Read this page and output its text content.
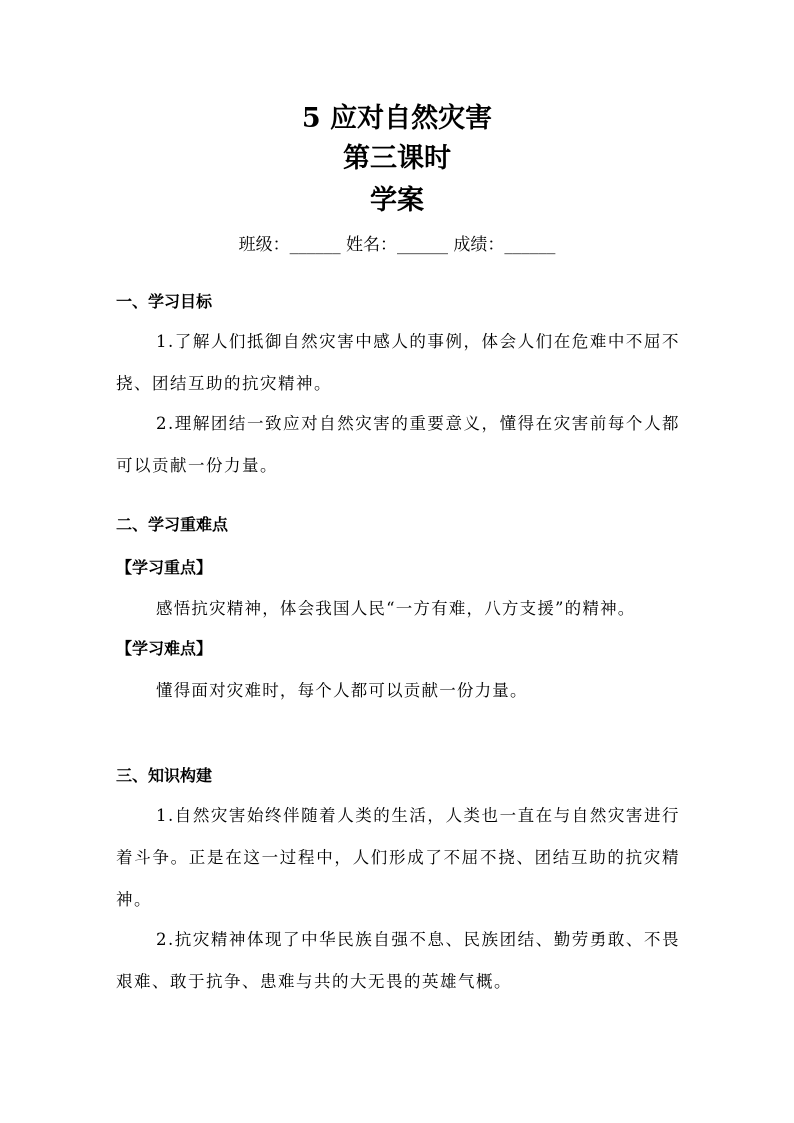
5 应对自然灾害
第三课时
学案
班级：______ 姓名：______ 成绩：______
一、学习目标
1.了解人们抵御自然灾害中感人的事例，体会人们在危难中不屈不挠、团结互助的抗灾精神。
2.理解团结一致应对自然灾害的重要意义，懂得在灾害前每个人都可以贡献一份力量。
二、学习重难点
【学习重点】
感悟抗灾精神，体会我国人民“一方有难，八方支援”的精神。
【学习难点】
懂得面对灾难时，每个人都可以贡献一份力量。
三、知识构建
1.自然灾害始终伴随着人类的生活，人类也一直在与自然灾害进行着斗争。正是在这一过程中，人们形成了不屈不挠、团结互助的抗灾精神。
2.抗灾精神体现了中华民族自强不息、民族团结、勤劳勇敢、不畏艰难、敢于抗争、患难与共的大无畏的英雄气概。
